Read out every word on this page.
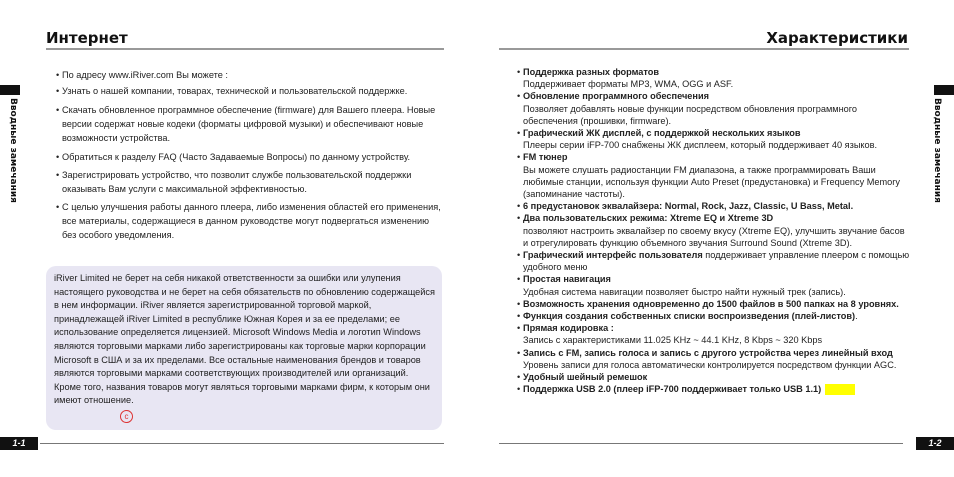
Интернет
Вводные замечания
• По адресу www.iRiver.com Вы можете :
• Узнать о нашей компании, товарах, технической и пользовательской поддержке.
• Скачать обновленное программное обеспечение (firmware) для Вашего плеера. Новые версии содержат новые кодеки (форматы цифровой музыки) и обеспечивают новые возможности устройства.
• Обратиться к разделу FAQ (Часто Задаваемые Вопросы) по данному устройству.
• Зарегистрировать устройство, что позволит службе пользовательской поддержки оказывать Вам услуги с максимальной эффективностью.
• С целью улучшения работы данного плеера, либо изменения областей его применения, все материалы, содержащиеся в данном руководстве могут подвергаться изменению без особого уведомления.
iRiver Limited не берет на себя никакой ответственности за ошибки или улупения настоящего руководства и не берет на себя обязательств по обновлению содержащейся в нем информации. iRiver является зарегистрированной торговой маркой, принадлежащей iRiver Limited в республике Южная Корея и за ее пределами; ее использование определяется лицензией. Microsoft Windows Media и логотип Windows являются торговыми марками либо зарегистрированы как торговые марки корпорации Microsoft в США и за их пределами. Все остальные наименования брендов и товаров являются торговыми марками соответствующих производителей или организаций. Кроме того, названия товаров могут являться торговыми марками фирм, к которым они имеют отношение.
c
1-1
Характеристики
Вводные замечания
• Поддержка разных форматов
Поддерживает форматы MP3, WMA, OGG и ASF.
• Обновление программного обеспечения
Позволяет добавлять новые функции посредством обновления программного обеспечения (прошивки, firmware).
• Графический ЖК дисплей, с поддержкой нескольких языков
Плееры серии iFP-700 снабжены ЖК дисплеем, который поддерживает 40 языков.
• FM тюнер
Вы можете слушать радиостанции FM диапазона, а также программировать Ваши любимые станции, используя функции Auto Preset (предустановка) и Frequency Memory (запоминание частоты).
• 6 предустановок эквалайзера: Normal, Rock, Jazz, Classic, U Bass, Metal.
• Два пользовательских режима: Xtreme EQ и Xtreme 3D
позволяют настроить эквалайзер по своему вкусу (Xtreme EQ), улучшить звучание басов и отрегулировать функцию объемного звучания Surround Sound (Xtreme 3D).
• Графический интерфейс пользователя поддерживает управление плеером с помощью удобного меню
• Простая навигация
Удобная система навигации позволяет быстро найти нужный трек (запись).
• Возможность хранения одновременно до 1500 файлов в 500 папках на 8 уровнях.
• Функция создания собственных списки воспроизведения (плей-листов).
• Прямая кодировка :
Запись с характеристиками 11.025 KHz ~ 44.1 KHz, 8 Kbps ~ 320 Kbps
• Запись с FM, запись голоса и запись с другого устройства через линейный вход
Уровень записи для голоса автоматически контролируется посредством функции AGC.
• Удобный шейный ремешок
• Поддержка USB 2.0 (плеер iFP-700 поддерживает только USB 1.1)
1-2
